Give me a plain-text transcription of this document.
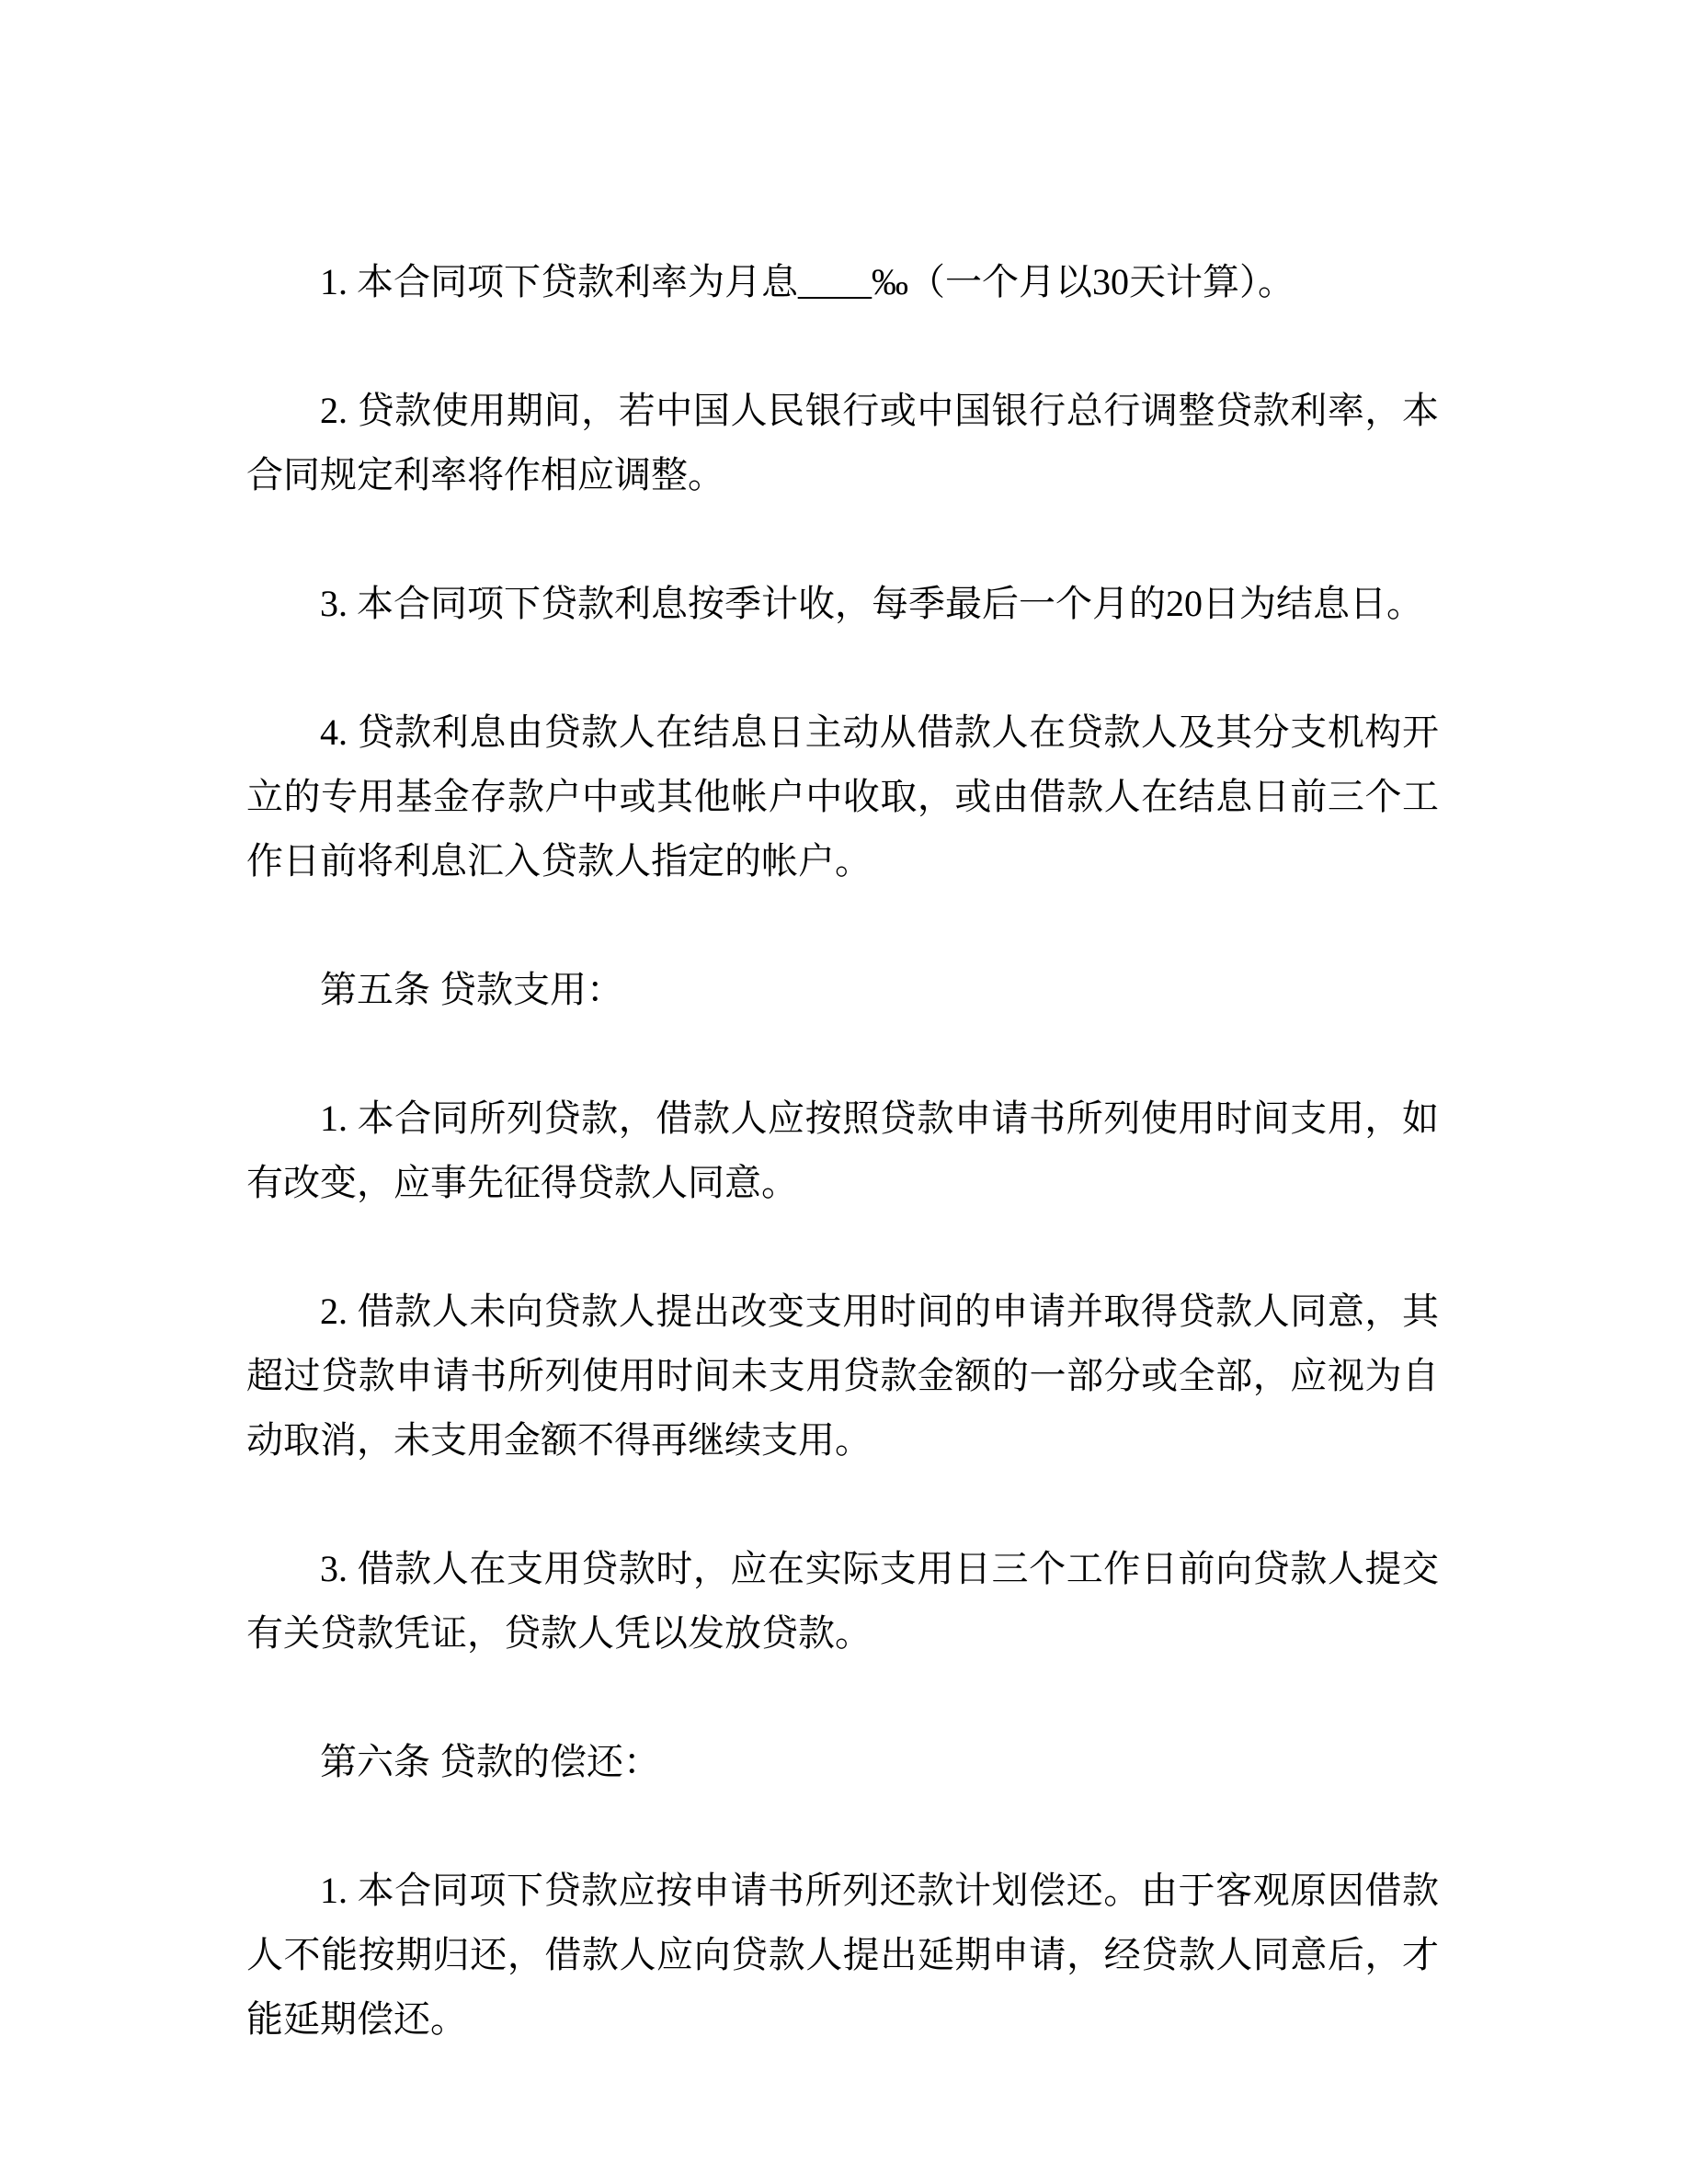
1. 本合同项下贷款利率为月息____‰（一个月以30天计算）。

2. 贷款使用期间，若中国人民银行或中国银行总行调整贷款利率，本合同规定利率将作相应调整。

3. 本合同项下贷款利息按季计收，每季最后一个月的20日为结息日。

4. 贷款利息由贷款人在结息日主动从借款人在贷款人及其分支机构开立的专用基金存款户中或其他帐户中收取，或由借款人在结息日前三个工作日前将利息汇入贷款人指定的帐户。

第五条 贷款支用：

1. 本合同所列贷款，借款人应按照贷款申请书所列使用时间支用，如有改变，应事先征得贷款人同意。

2. 借款人未向贷款人提出改变支用时间的申请并取得贷款人同意，其超过贷款申请书所列使用时间未支用贷款金额的一部分或全部，应视为自动取消，未支用金额不得再继续支用。

3. 借款人在支用贷款时，应在实际支用日三个工作日前向贷款人提交有关贷款凭证，贷款人凭以发放贷款。

第六条 贷款的偿还：

1. 本合同项下贷款应按申请书所列还款计划偿还。由于客观原因借款人不能按期归还，借款人应向贷款人提出延期申请，经贷款人同意后，才能延期偿还。
